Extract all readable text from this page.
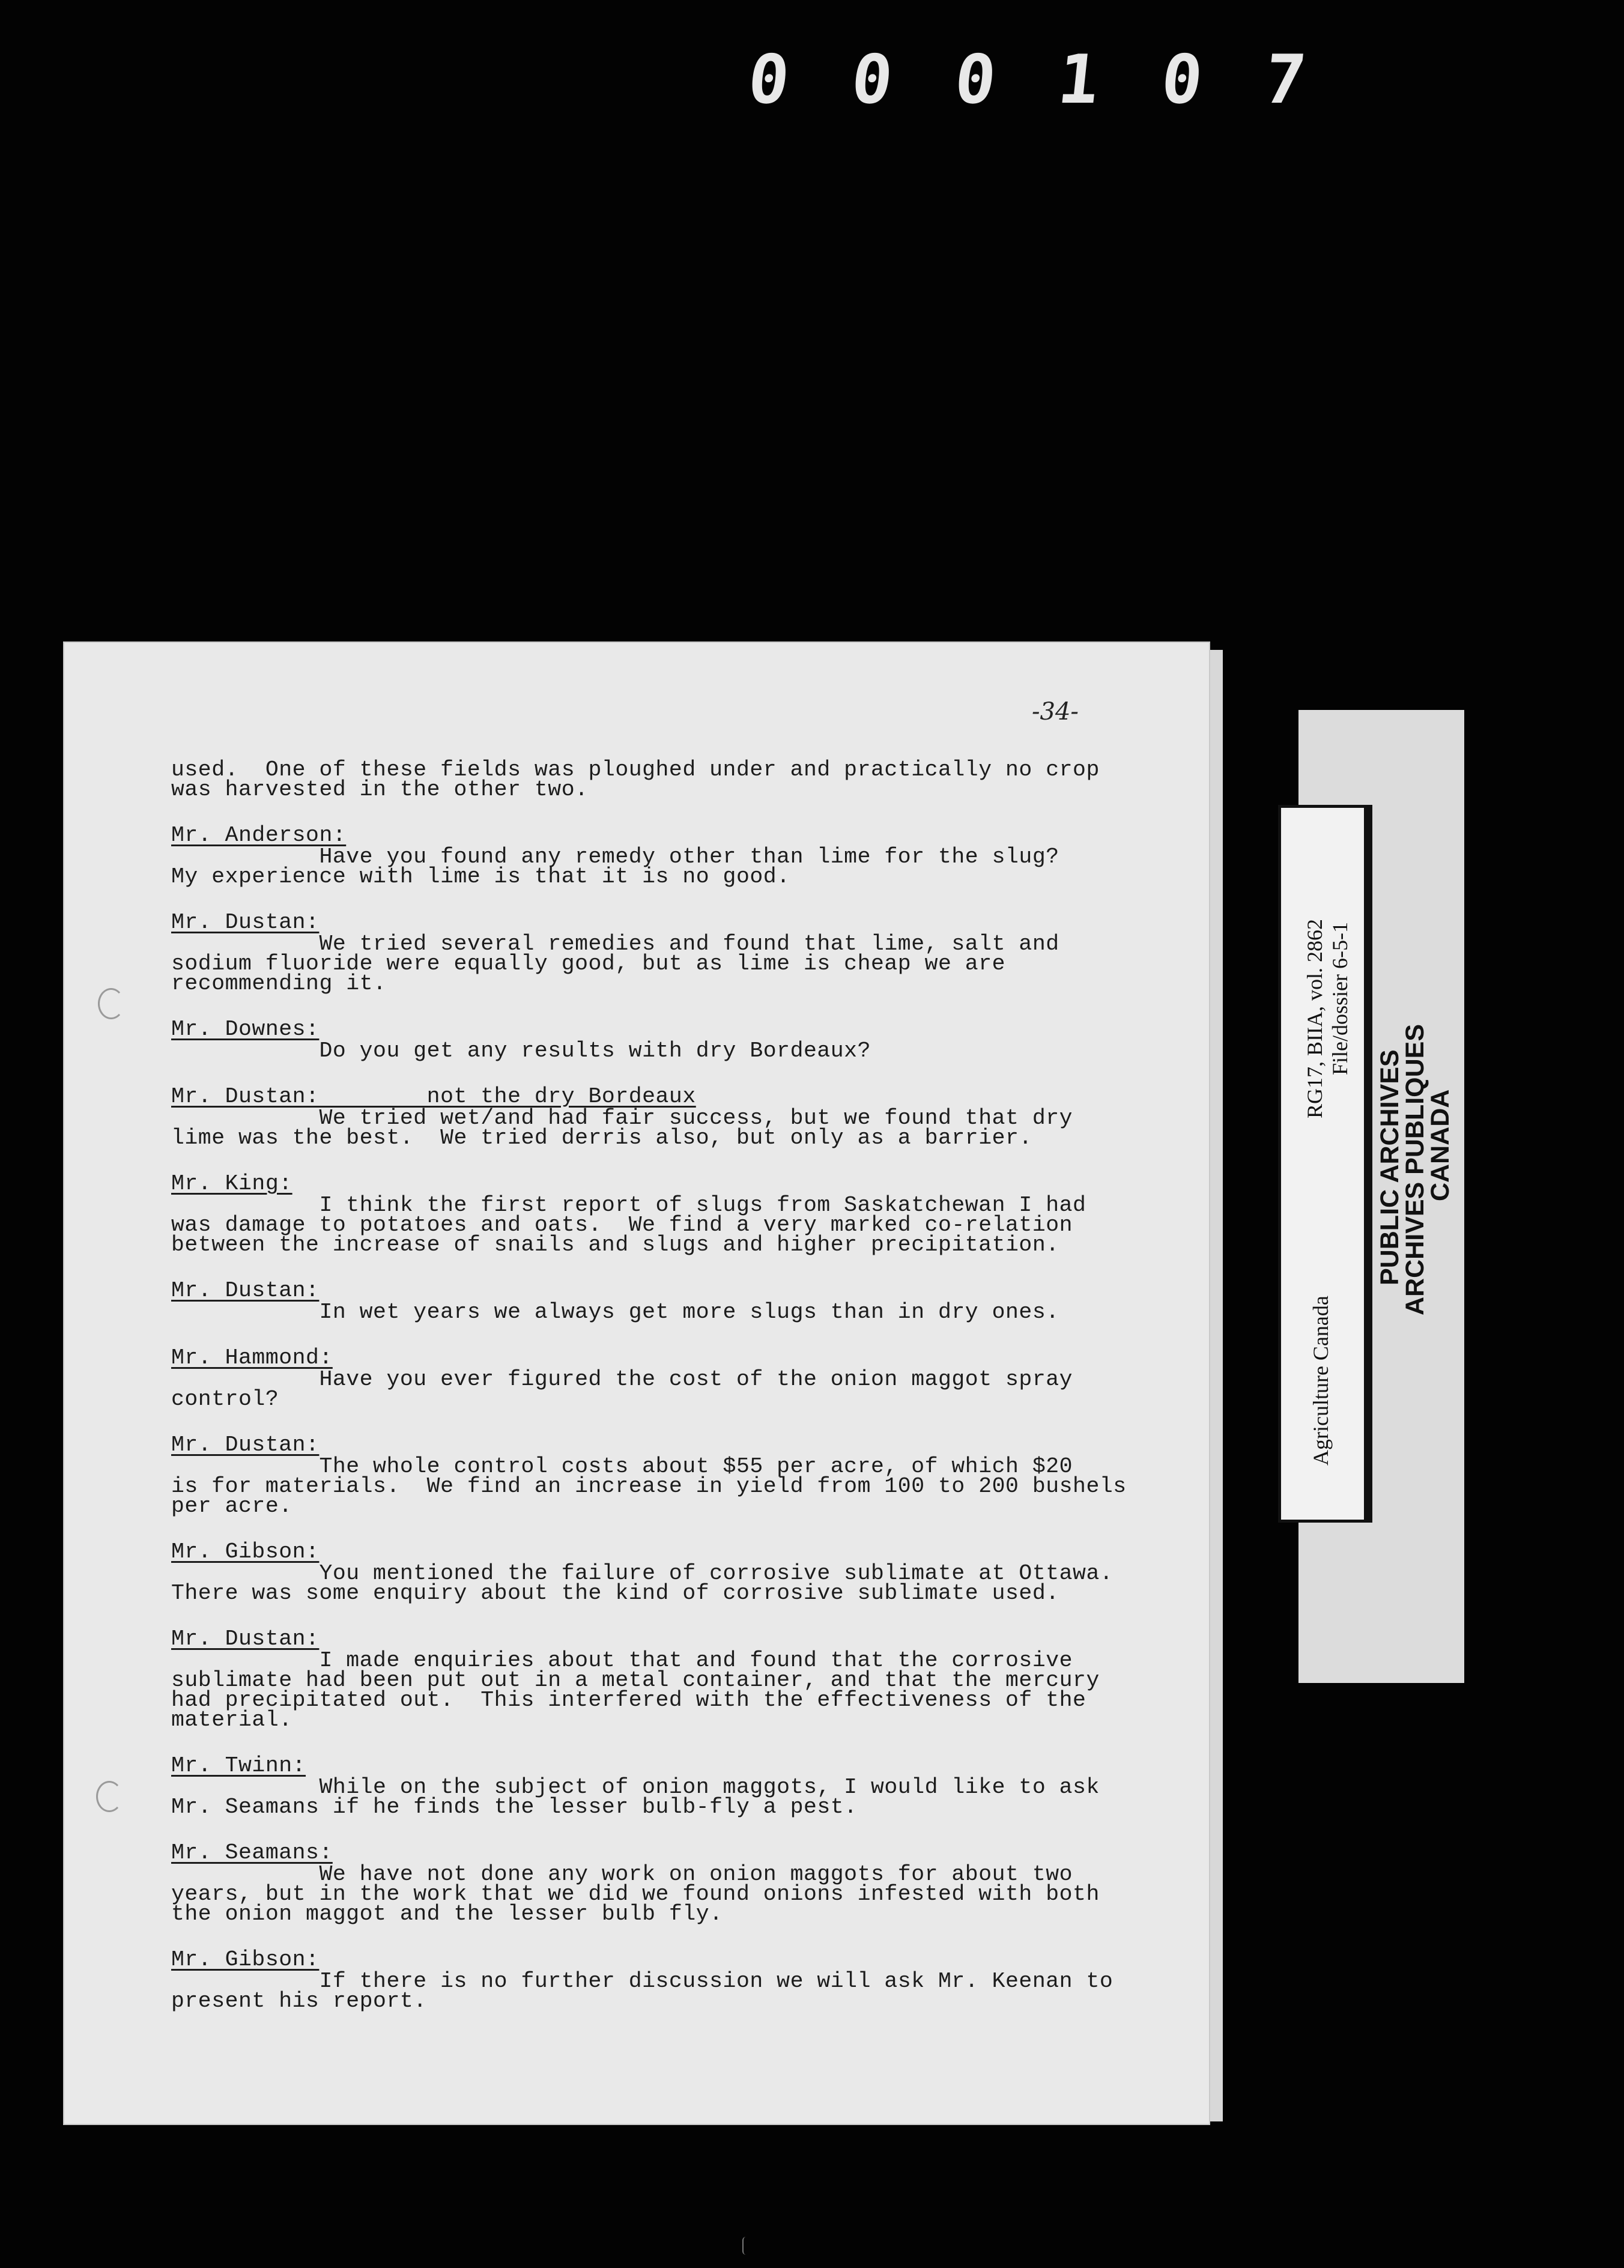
0 0 0 1 0 7
-34-

used.  One of these fields was ploughed under and practically no crop

was harvested in the other two.

Mr. Anderson:

Have you found any remedy other than lime for the slug?

My experience with lime is that it is no good.

Mr. Dustan:

We tried several remedies and found that lime, salt and

sodium fluoride were equally good, but as lime is cheap we are

recommending it.

Mr. Downes:

Do you get any results with dry Bordeaux?

Mr. Dustan:        not the dry Bordeaux

We tried wet/and had fair success, but we found that dry

lime was the best.  We tried derris also, but only as a barrier.

Mr. King:

I think the first report of slugs from Saskatchewan I had

was damage to potatoes and oats.  We find a very marked co-relation

between the increase of snails and slugs and higher precipitation.

Mr. Dustan:

In wet years we always get more slugs than in dry ones.

Mr. Hammond:

Have you ever figured the cost of the onion maggot spray

control?

Mr. Dustan:

The whole control costs about $55 per acre, of which $20

is for materials.  We find an increase in yield from 100 to 200 bushels

per acre.

Mr. Gibson:

You mentioned the failure of corrosive sublimate at Ottawa.

There was some enquiry about the kind of corrosive sublimate used.

Mr. Dustan:

I made enquiries about that and found that the corrosive

sublimate had been put out in a metal container, and that the mercury

had precipitated out.  This interfered with the effectiveness of the

material.

Mr. Twinn:

While on the subject of onion maggots, I would like to ask

Mr. Seamans if he finds the lesser bulb-fly a pest.

Mr. Seamans:

We have not done any work on onion maggots for about two

years, but in the work that we did we found onions infested with both

the onion maggot and the lesser bulb fly.

Mr. Gibson:

If there is no further discussion we will ask Mr. Keenan to

present his report.

Agriculture Canada
RG17, BIIA, vol. 2862 File/dossier 6-5-1
PUBLIC ARCHIVES
ARCHIVES PUBLIQUES
CANADA
